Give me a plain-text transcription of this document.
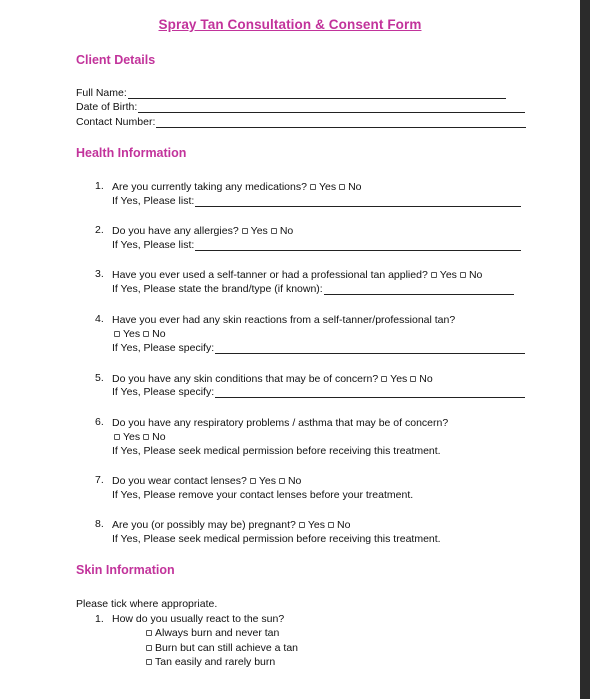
Spray Tan Consultation & Consent Form
Client Details
Full Name:
Date of Birth:
Contact Number:
Health Information
1. Are you currently taking any medications? Yes No
If Yes, Please list:
2. Do you have any allergies? Yes No
If Yes, Please list:
3. Have you ever used a self-tanner or had a professional tan applied? Yes No
If Yes, Please state the brand/type (if known):
4. Have you ever had any skin reactions from a self-tanner/professional tan?
Yes No
If Yes, Please specify:
5. Do you have any skin conditions that may be of concern? Yes No
If Yes, Please specify:
6. Do you have any respiratory problems / asthma that may be of concern?
Yes No
If Yes, Please seek medical permission before receiving this treatment.
7. Do you wear contact lenses? Yes No
If Yes, Please remove your contact lenses before your treatment.
8. Are you (or possibly may be) pregnant? Yes No
If Yes, Please seek medical permission before receiving this treatment.
Skin Information
Please tick where appropriate.
1. How do you usually react to the sun?
Always burn and never tan
Burn but can still achieve a tan
Tan easily and rarely burn
